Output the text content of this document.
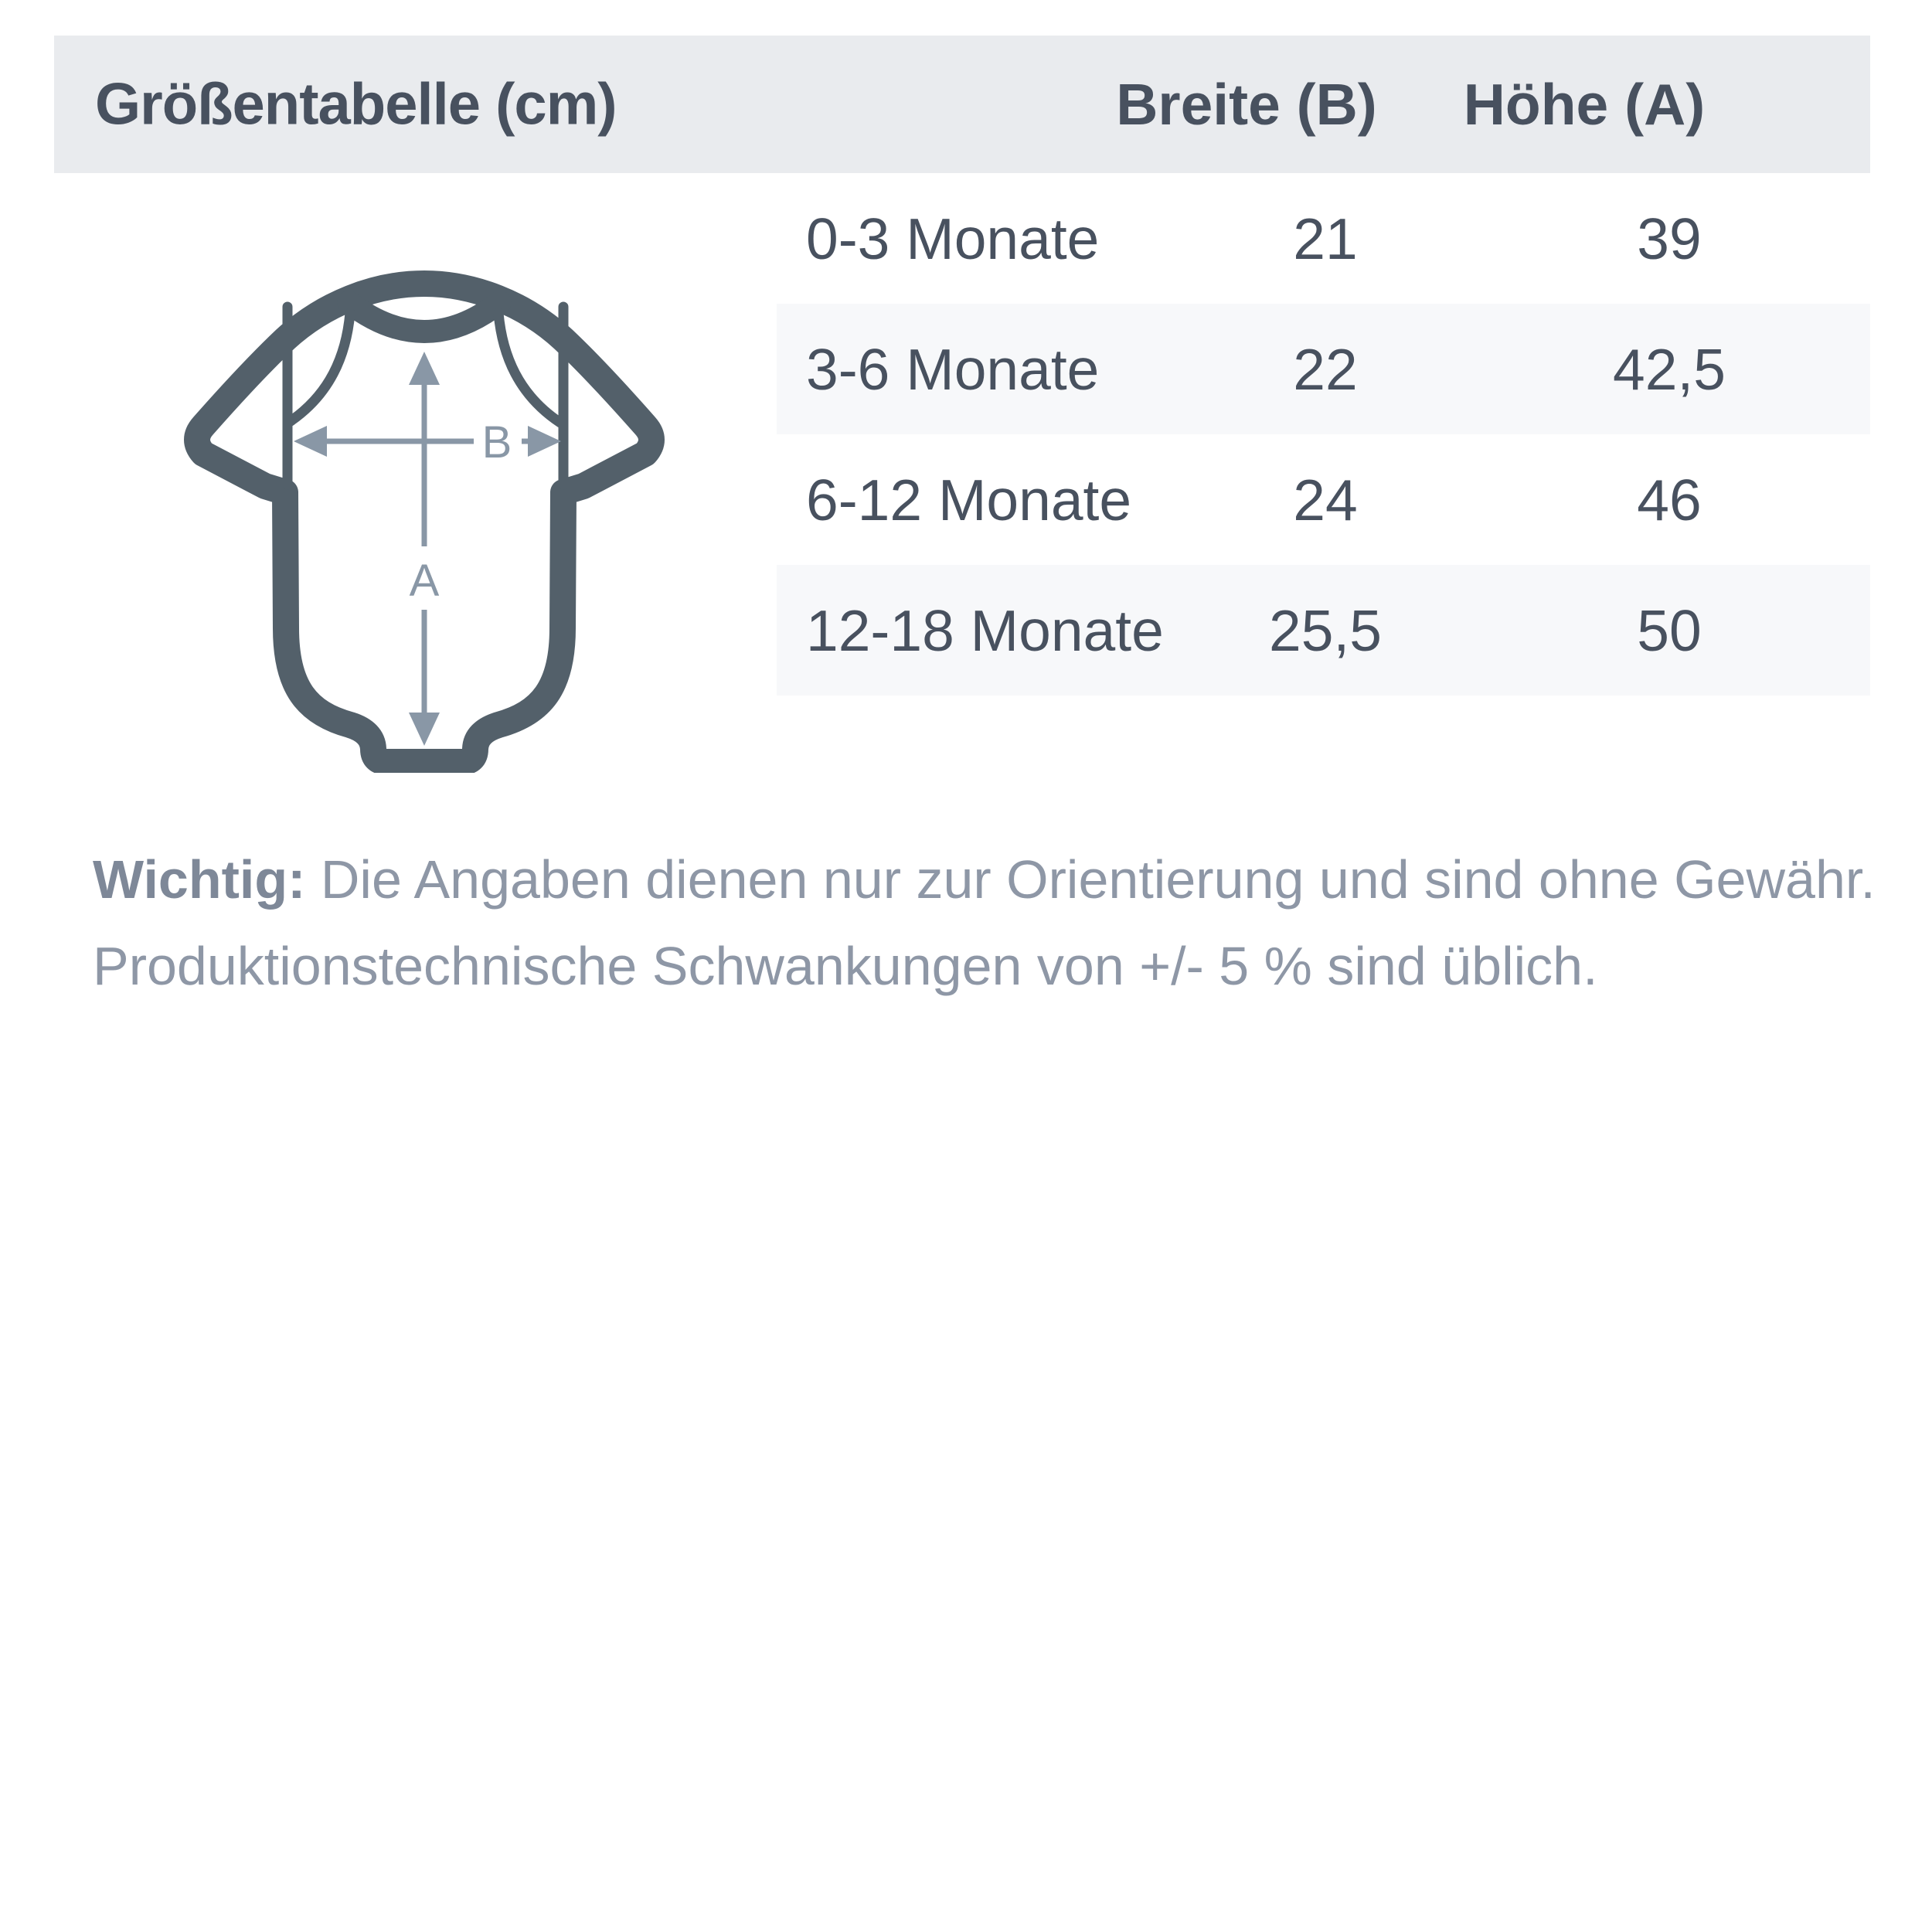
Größentabelle (cm)	Breite (B) Höhe (A)
0-3 Monate	21	39
3-6 Monate	22	42,5
6-12 Monate	24	46
12-18 Monate 25,5	50
B
A
Wichtig: Die Angaben dienen nur zur Orientierung und sind ohne Gewähr.
Produktionstechnische Schwankungen von +/- 5 % sind üblich.
